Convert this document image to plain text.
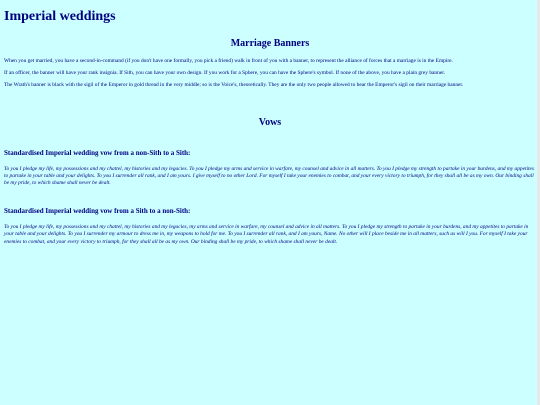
Imperial weddings
Marriage Banners

When you get married, you have a second-in-command (if you don't have one formally, you pick a friend) walk in front of you with a banner, to represent the alliance of forces that a marriage is in the Empire.

If an officer, the banner will have your rank insignia. If Sith, you can have your own design. If you work for a Sphere, you can have the Sphere's symbol. If none of the above, you have a plain grey banner.

The Wrath's banner is black with the sigil of the Emperor in gold thread in the very middle; so is the Voice's, theoretically. They are the only two people allowed to bear the Emperor's sigil on their marriage banner.

Vows
Standardised Imperial wedding vow from a non-Sith to a Sith:

To you I pledge my life, my possessions and my chattel, my histories and my legacies. To you I pledge my arms and service in warfare, my counsel and advice in all matters. To you I pledge my strength to partake in your burdens, and my appetites to partake in your table and your delights. To you I surrender all rank, and I am yours. I give myself to no other Lord. For myself I take your enemies to combat, and your every victory to triumph, for they shall all be as my own. Our binding shall be my pride, to which shame shall never be dealt.

Standardised Imperial wedding vow from a Sith to a non-Sith:

To you I pledge my life, my possessions and my chattel, my histories and my legacies, my arms and service in warfare, my counsel and advice in all matters. To you I pledge my strength to partake in your burdens, and my appetites to partake in your table and your delights. To you I surrender my armour to dress me in, my weapons to hold for me. To you I surrender all rank, and I am yours, Name. No other will I place beside me in all matters, such as will I you. For myself I take your enemies to combat, and your every victory to triumph, for they shall all be as my own. Our binding shall be my pride, to which shame shall never be dealt.
